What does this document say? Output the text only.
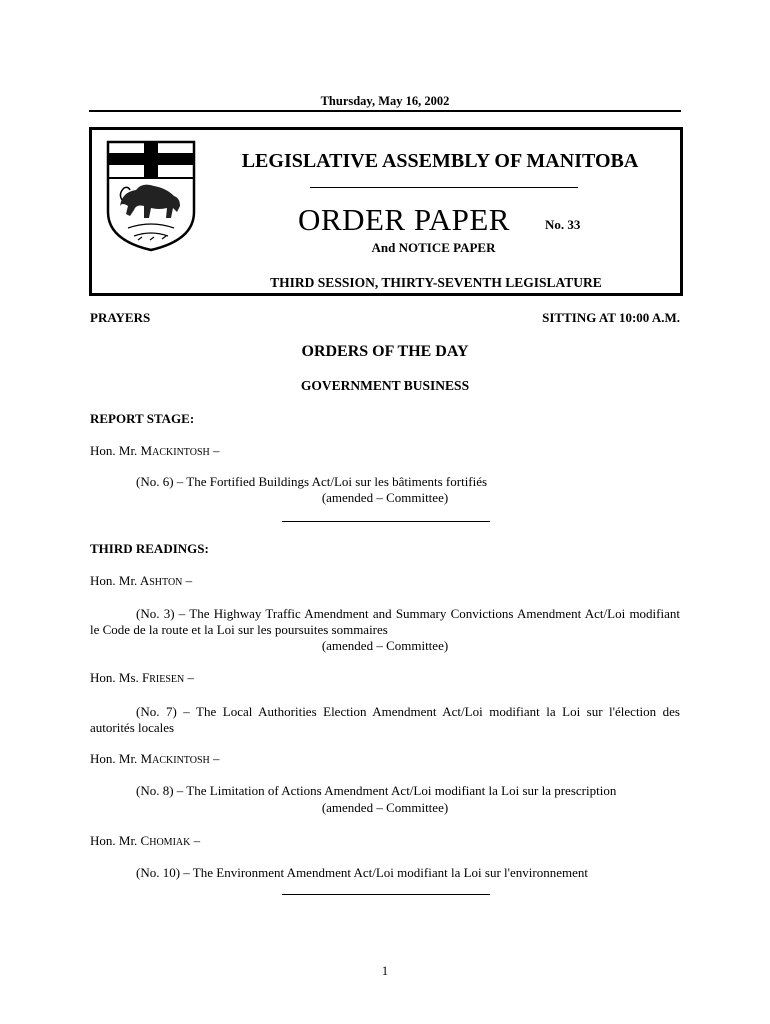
Thursday, May 16, 2002
LEGISLATIVE ASSEMBLY OF MANITOBA
ORDER PAPER	No. 33
And NOTICE PAPER
THIRD SESSION, THIRTY-SEVENTH LEGISLATURE
PRAYERS	SITTING AT 10:00 A.M.
ORDERS OF THE DAY
GOVERNMENT BUSINESS
REPORT STAGE:
Hon. Mr. MACKINTOSH –
(No. 6) – The Fortified Buildings Act/Loi sur les bâtiments fortifiés
(amended – Committee)
THIRD READINGS:
Hon. Mr. ASHTON –
(No. 3) – The Highway Traffic Amendment and Summary Convictions Amendment Act/Loi modifiant le Code de la route et la Loi sur les poursuites sommaires
(amended – Committee)
Hon. Ms. FRIESEN –
(No. 7) – The Local Authorities Election Amendment Act/Loi modifiant la Loi sur l'élection des autorités locales
Hon. Mr. MACKINTOSH –
(No. 8) – The Limitation of Actions Amendment Act/Loi modifiant la Loi sur la prescription
(amended – Committee)
Hon. Mr. CHOMIAK –
(No. 10) – The Environment Amendment Act/Loi modifiant la Loi sur l'environnement
1
